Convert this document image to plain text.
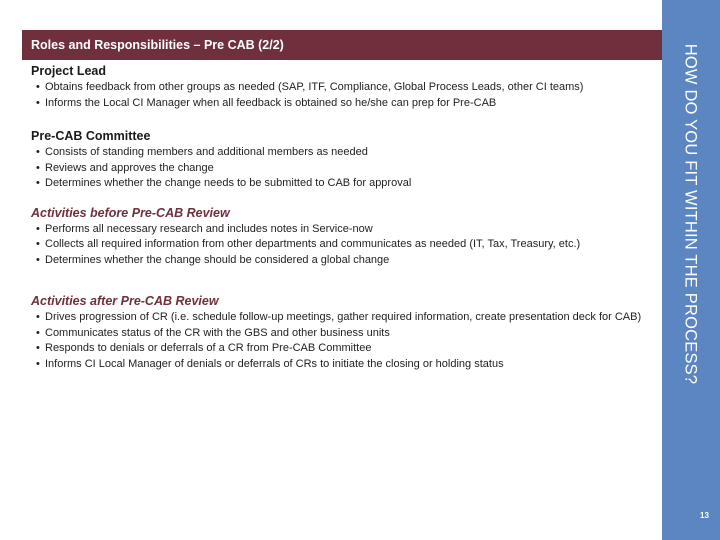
Roles and Responsibilities – Pre CAB (2/2)	HOW DO YOU FIT WITHIN THE PROCESS?
13
Project Lead
• Obtains feedback from other groups as needed (SAP, ITF, Compliance, Global Process Leads, other CI teams)
• Informs the Local CI Manager when all feedback is obtained so he/she can prep for Pre-CAB
Pre-CAB Committee
• Consists of standing members and additional members as needed
• Reviews and approves the change
• Determines whether the change needs to be submitted to CAB for approval
Activities before Pre-CAB Review
• Performs all necessary research and includes notes in Service-now
• Collects all required information from other departments and communicates as needed (IT, Tax, Treasury, etc.)
• Determines whether the change should be considered a global change
Activities after Pre-CAB Review
• Drives progression of CR (i.e. schedule follow-up meetings, gather required information, create presentation deck for CAB)
• Communicates status of the CR with the GBS and other business units
• Responds to denials or deferrals of a CR from Pre-CAB Committee
• Informs CI Local Manager of denials or deferrals of CRs to initiate the closing or holding status
